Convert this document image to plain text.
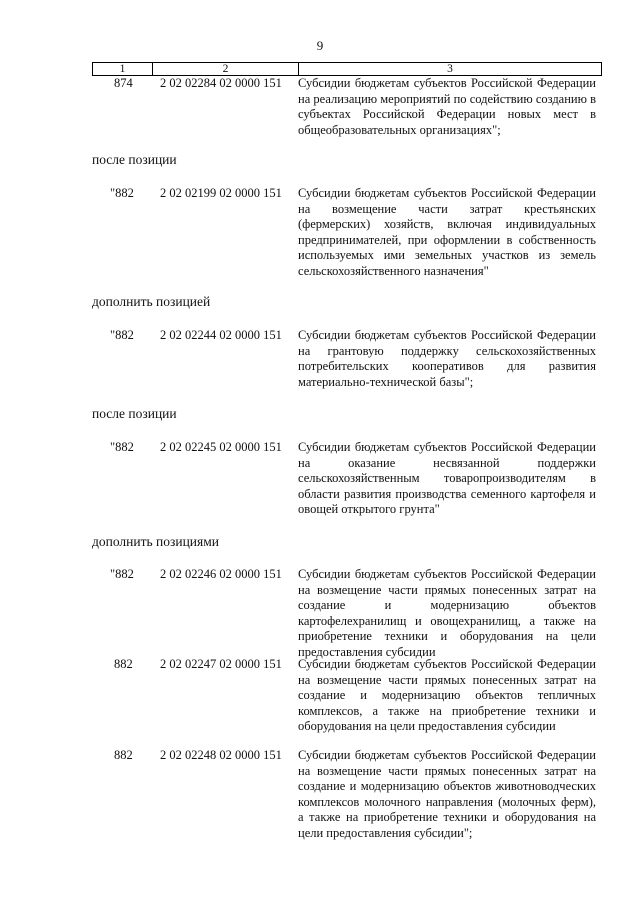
9
1	2	3
874 2 02 02284 02 0000 151 Субсидии бюджетам субъектов Российской Федерации на реализацию мероприятий по содействию созданию в субъектах Российской Федерации новых мест в общеобразовательных организациях";
после позиции
"882 2 02 02199 02 0000 151 Субсидии бюджетам субъектов Российской Федерации на возмещение части затрат крестьянских (фермерских) хозяйств, включая индивидуальных предпринимателей, при оформлении в собственность используемых ими земельных участков из земель сельскохозяйственного назначения"
дополнить позицией
"882 2 02 02244 02 0000 151 Субсидии бюджетам субъектов Российской Федерации на грантовую поддержку сельскохозяйственных потребительских кооперативов для развития материально-технической базы";
после позиции
"882 2 02 02245 02 0000 151 Субсидии бюджетам субъектов Российской Федерации на оказание несвязанной поддержки сельскохозяйственным товаропроизводителям в области развития производства семенного картофеля и овощей открытого грунта"
дополнить позициями
"882 2 02 02246 02 0000 151 Субсидии бюджетам субъектов Российской Федерации на возмещение части прямых понесенных затрат на создание и модернизацию объектов картофелехранилищ и овощехранилищ, а также на приобретение техники и оборудования на цели предоставления субсидии
882 2 02 02247 02 0000 151 Субсидии бюджетам субъектов Российской Федерации на возмещение части прямых понесенных затрат на создание и модернизацию объектов тепличных комплексов, а также на приобретение техники и оборудования на цели предоставления субсидии
882 2 02 02248 02 0000 151 Субсидии бюджетам субъектов Российской Федерации на возмещение части прямых понесенных затрат на создание и модернизацию объектов животноводческих комплексов молочного направления (молочных ферм), а также на приобретение техники и оборудования на цели предоставления субсидии";
